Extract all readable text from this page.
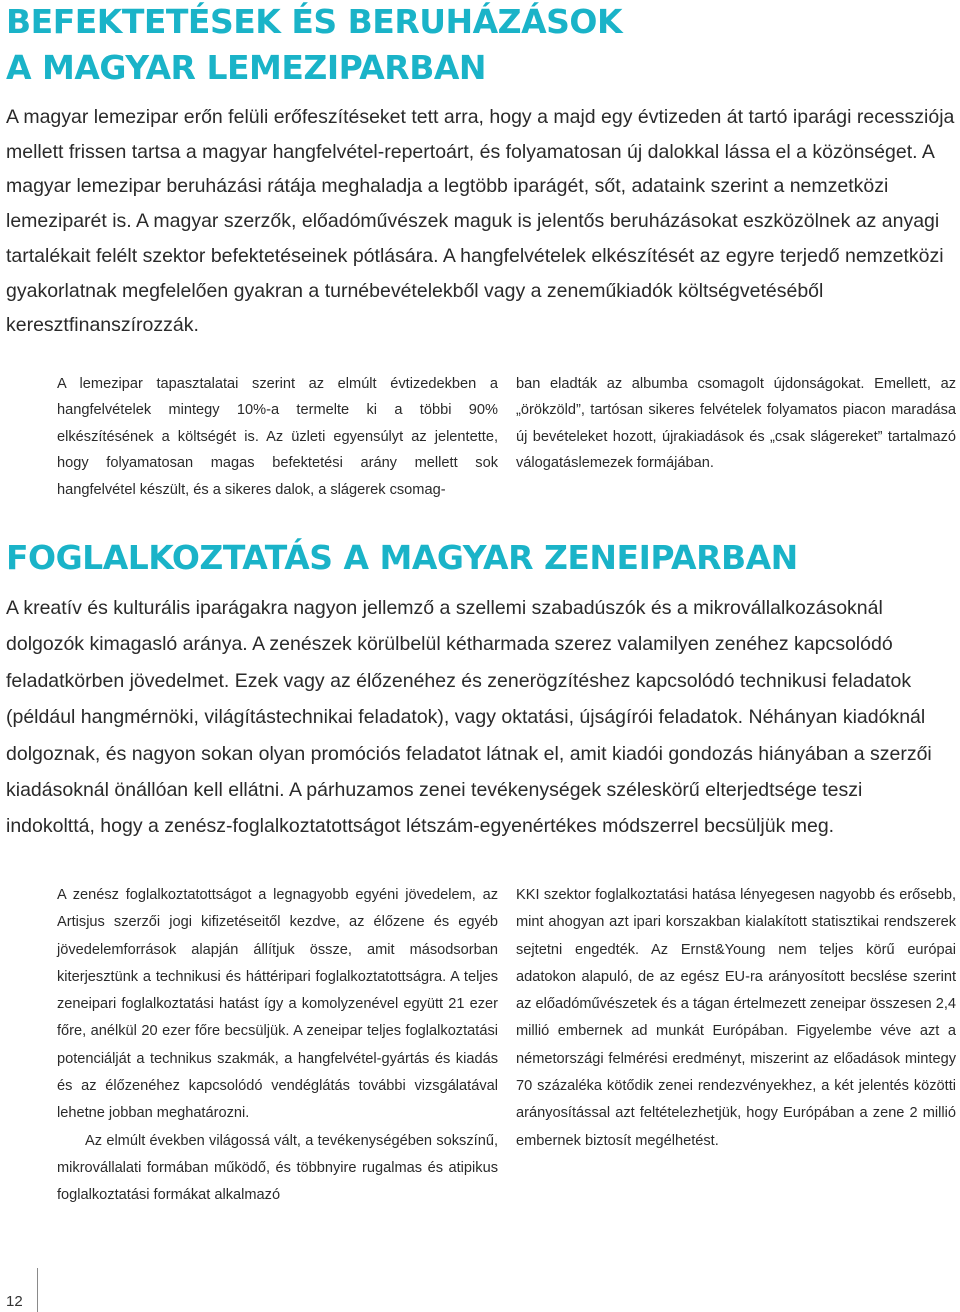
BEFEKTETÉSEK ÉS BERUHÁZÁSOK
A MAGYAR LEMEZIPARBAN

A magyar lemezipar erőn felüli erőfeszítéseket tett arra, hogy a majd egy évtizeden át tartó iparági recessziója mellett frissen tartsa a magyar hangfelvétel-repertoárt, és folyamatosan új dalokkal lássa el a közönséget. A magyar lemezipar beruházási rátája meghaladja a legtöbb iparágét, sőt, adataink szerint a nemzetközi lemeziparét is. A magyar szerzők, előadóművészek maguk is jelentős beruházásokat eszközölnek az anyagi tartalékait felélt szektor befektetéseinek pótlására. A hangfelvételek elkészítését az egyre terjedő nemzetközi gyakorlatnak megfelelően gyakran a turnébevételekből vagy a zeneműkiadók költségvetéséből keresztfinanszírozzák.

A lemezipar tapasztalatai szerint az elmúlt évtizedekben a hangfelvételek mintegy 10%-a termelte ki a többi 90% elkészítésének a költségét is. Az üzleti egyensúlyt az jelentette, hogy folyamatosan magas befektetési arány mellett sok hangfelvétel készült, és a sikeres dalok, a slágerek csomag-

ban eladták az albumba csomagolt újdonságokat. Emellett, az „örökzöld”, tartósan sikeres felvételek folyamatos piacon maradása új bevételeket hozott, újrakiadások és „csak slágereket” tartalmazó válogatáslemezek formájában.

FOGLALKOZTATÁS A MAGYAR ZENEIPARBAN

A kreatív és kulturális iparágakra nagyon jellemző a szellemi szabadúszók és a mikrovállalkozásoknál dolgozók kimagasló aránya. A zenészek körülbelül kétharmada szerez valamilyen zenéhez kapcsolódó feladatkörben jövedelmet. Ezek vagy az élőzenéhez és zenerögzítéshez kapcsolódó technikusi feladatok (például hangmérnöki, világítástechnikai feladatok), vagy oktatási, újságírói feladatok. Néhányan kiadóknál dolgoznak, és nagyon sokan olyan promóciós feladatot látnak el, amit kiadói gondozás hiányában a szerzői kiadásoknál önállóan kell ellátni. A párhuzamos zenei tevékenységek széleskörű elterjedtsége teszi indokolttá, hogy a zenész-foglalkoztatottságot létszám-egyenértékes módszerrel becsüljük meg.

A zenész foglalkoztatottságot a legnagyobb egyéni jövedelem, az Artisjus szerzői jogi kifizetéseitől kezdve, az élőzene és egyéb jövedelemforrások alapján állítjuk össze, amit másodsorban kiterjesztünk a technikusi és háttéripari foglalkoztatottságra. A teljes zeneipari foglalkoztatási hatást így a komolyzenével együtt 21 ezer főre, anélkül 20 ezer főre becsüljük. A zeneipar teljes foglalkoztatási potenciálját a technikus szakmák, a hangfelvétel-gyártás és kiadás és az élőzenéhez kapcsolódó vendéglátás további vizsgálatával lehetne jobban meghatározni.

Az elmúlt években világossá vált, a tevékenységében sokszínű, mikrovállalati formában működő, és többnyire rugalmas és atipikus foglalkoztatási formákat alkalmazó

KKI szektor foglalkoztatási hatása lényegesen nagyobb és erősebb, mint ahogyan azt ipari korszakban kialakított statisztikai rendszerek sejtetni engedték. Az Ernst&Young nem teljes körű európai adatokon alapuló, de az egész EU-ra arányosított becslése szerint az előadóművészetek és a tágan értelmezett zeneipar összesen 2,4 millió embernek ad munkát Európában. Figyelembe véve azt a németországi felmérési eredményt, miszerint az előadások mintegy 70 százaléka kötődik zenei rendezvényekhez, a két jelentés közötti arányosítással azt feltételezhetjük, hogy Európában a zene 2 millió embernek biztosít megélhetést.

12
